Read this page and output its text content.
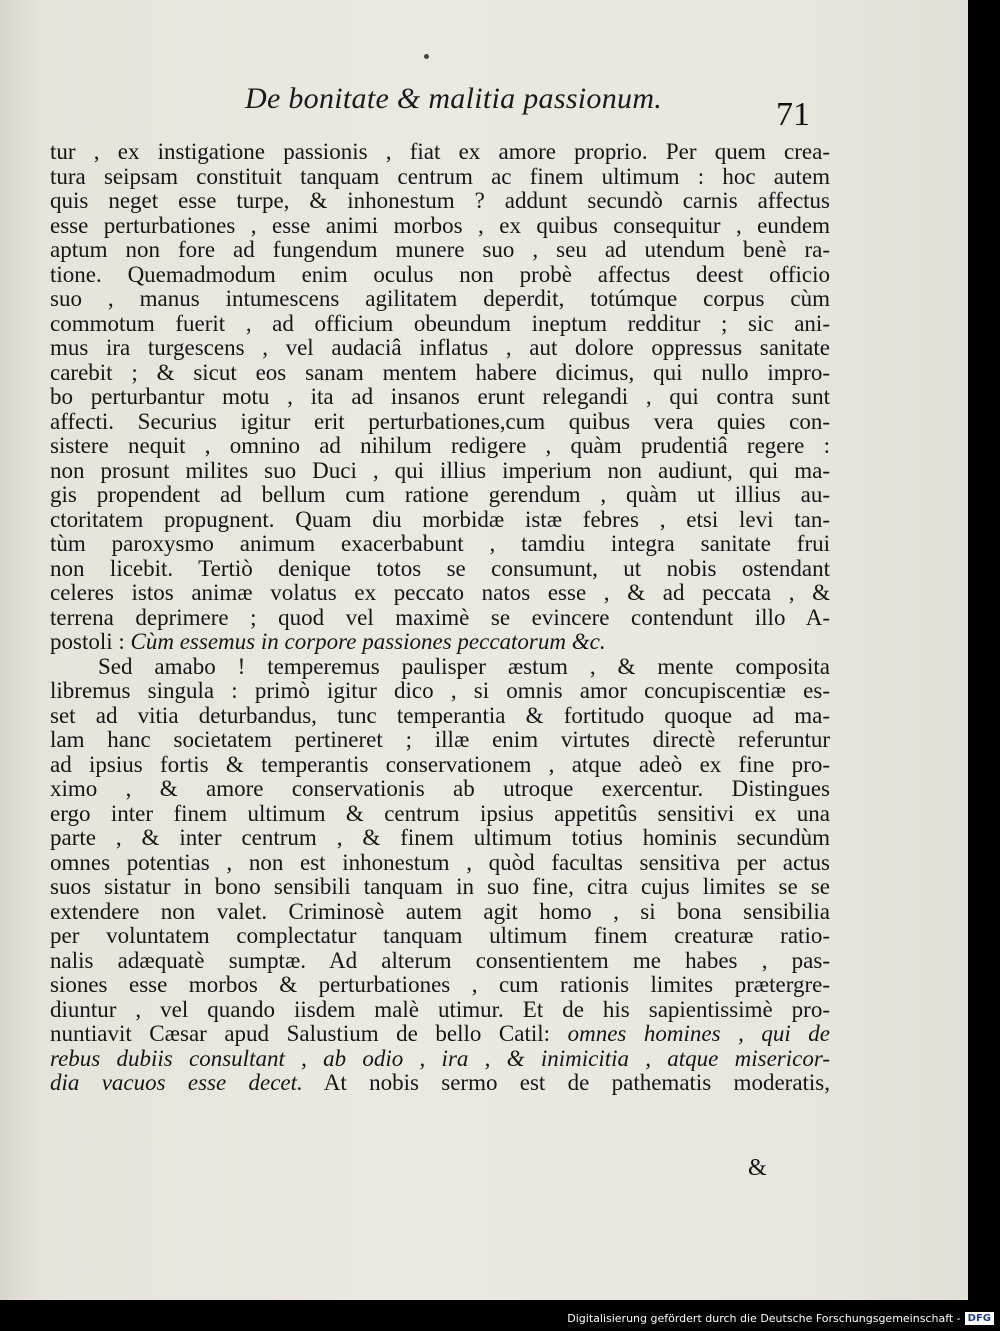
De bonitate & malitia passionum.	71
tur , ex instigatione passionis , fiat ex amore proprio. Per quem crea-
tura seipsam constituit tanquam centrum ac finem ultimum : hoc autem
quis neget esse turpe, & inhonestum ? addunt secundò carnis affectus
esse perturbationes , esse animi morbos , ex quibus consequitur , eundem
aptum non fore ad fungendum munere suo , seu ad utendum benè ra-
tione. Quemadmodum enim oculus non probè affectus deest officio
suo , manus intumescens agilitatem deperdit, totúmque corpus cùm
commotum fuerit , ad officium obeundum ineptum redditur ; sic ani-
mus ira turgescens , vel audaciâ inflatus , aut dolore oppressus sanitate
carebit ; & sicut eos sanam mentem habere dicimus, qui nullo impro-
bo perturbantur motu , ita ad insanos erunt relegandi , qui contra sunt
affecti. Securius igitur erit perturbationes,cum quibus vera quies con-
sistere nequit , omnino ad nihilum redigere , quàm prudentiâ regere :
non prosunt milites suo Duci , qui illius imperium non audiunt, qui ma-
gis propendent ad bellum cum ratione gerendum , quàm ut illius au-
ctoritatem propugnent. Quam diu morbidæ istæ febres , etsi levi tan-
tùm paroxysmo animum exacerbabunt , tamdiu integra sanitate frui
non licebit. Tertiò denique totos se consumunt, ut nobis ostendant
celeres istos animæ volatus ex peccato natos esse , & ad peccata , &
terrena deprimere ; quod vel maximè se evincere contendunt illo A-
postoli : Cùm essemus in corpore passiones peccatorum &c.
Sed amabo ! temperemus paulisper æstum , & mente composita
libremus singula : primò igitur dico , si omnis amor concupiscentiæ es-
set ad vitia deturbandus, tunc temperantia & fortitudo quoque ad ma-
lam hanc societatem pertineret ; illæ enim virtutes directè referuntur
ad ipsius fortis & temperantis conservationem , atque adeò ex fine pro-
ximo , & amore conservationis ab utroque exercentur. Distingues
ergo inter finem ultimum & centrum ipsius appetitûs sensitivi ex una
parte , & inter centrum , & finem ultimum totius hominis secundùm
omnes potentias , non est inhonestum , quòd facultas sensitiva per actus
suos sistatur in bono sensibili tanquam in suo fine, citra cujus limites se se
extendere non valet. Criminosè autem agit homo , si bona sensibilia
per voluntatem complectatur tanquam ultimum finem creaturæ ratio-
nalis adæquatè sumptæ. Ad alterum consentientem me habes , pas-
siones esse morbos & perturbationes , cum rationis limites prætergre-
diuntur , vel quando iisdem malè utimur. Et de his sapientissimè pro-
nuntiavit Cæsar apud Salustium de bello Catil: omnes homines , qui de
rebus dubiis consultant , ab odio , ira , & inimicitia , atque misericor-
dia vacuos esse decet. At nobis sermo est de pathematis moderatis,
&
Digitalisierung gefördert durch die Deutsche Forschungsgemeinschaft - DFG
